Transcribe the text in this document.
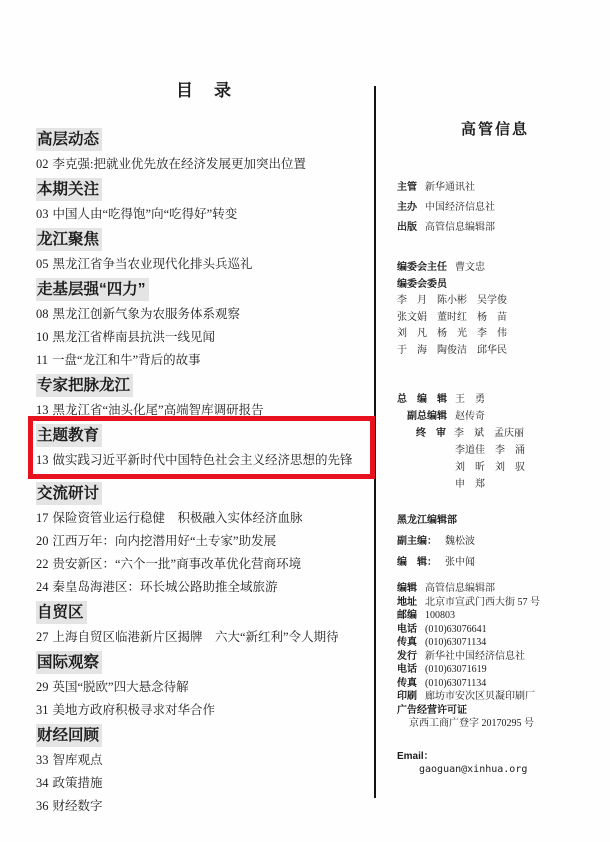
目　录
高层动态
02 李克强:把就业优先放在经济发展更加突出位置
本期关注
03 中国人由“吃得饱”向“吃得好”转变
龙江聚焦
05 黑龙江省争当农业现代化排头兵巡礼
走基层强“四力”
08 黑龙江创新气象为农服务体系观察
10 黑龙江省桦南县抗洪一线见闻
11 一盘“龙江和牛”背后的故事
专家把脉龙江
13 黑龙江省“油头化尾”高端智库调研报告
主题教育
13 做实践习近平新时代中国特色社会主义经济思想的先锋
交流研讨
17 保险资管业运行稳健　积极融入实体经济血脉
20 江西万年：向内挖潜用好“土专家”助发展
22 贵安新区：“六个一批”商事改革优化营商环境
24 秦皇岛海港区：环长城公路助推全域旅游
自贸区
27 上海自贸区临港新片区揭牌　六大“新红利”令人期待
国际观察
29 英国“脱欧”四大悬念待解
31 美地方政府积极寻求对华合作
财经回顾
33 智库观点
34 政策措施
36 财经数字
高管信息
主管 新华通讯社
主办 中国经济信息社
出版 高管信息编辑部
编委会主任 曹文忠
编委会委员
李　月　陈小彬　吴学俊
张文娟　董时红　杨　苗
刘　凡　杨　光　李　伟
于　海　陶俊洁　邱华民
总　编　辑 王　勇
副总编辑 赵传奇
终　审 李　斌　孟庆丽
李道佳　李　涌
刘　昕　刘　驭
申　郑
黑龙江编辑部
副主编： 魏松波
编　辑： 张中闻
编辑 高管信息编辑部
地址 北京市宣武门西大街 57 号
邮编 100803
电话 (010)63076641
传真 (010)63071134
发行 新华社中国经济信息社
电话 (010)63071619
传真 (010)63071134
印刷 廊坊市安次区贝凝印刷厂
广告经营许可证
京西工商广登字 20170295 号
Email：
gaoguan@xinhua.org
